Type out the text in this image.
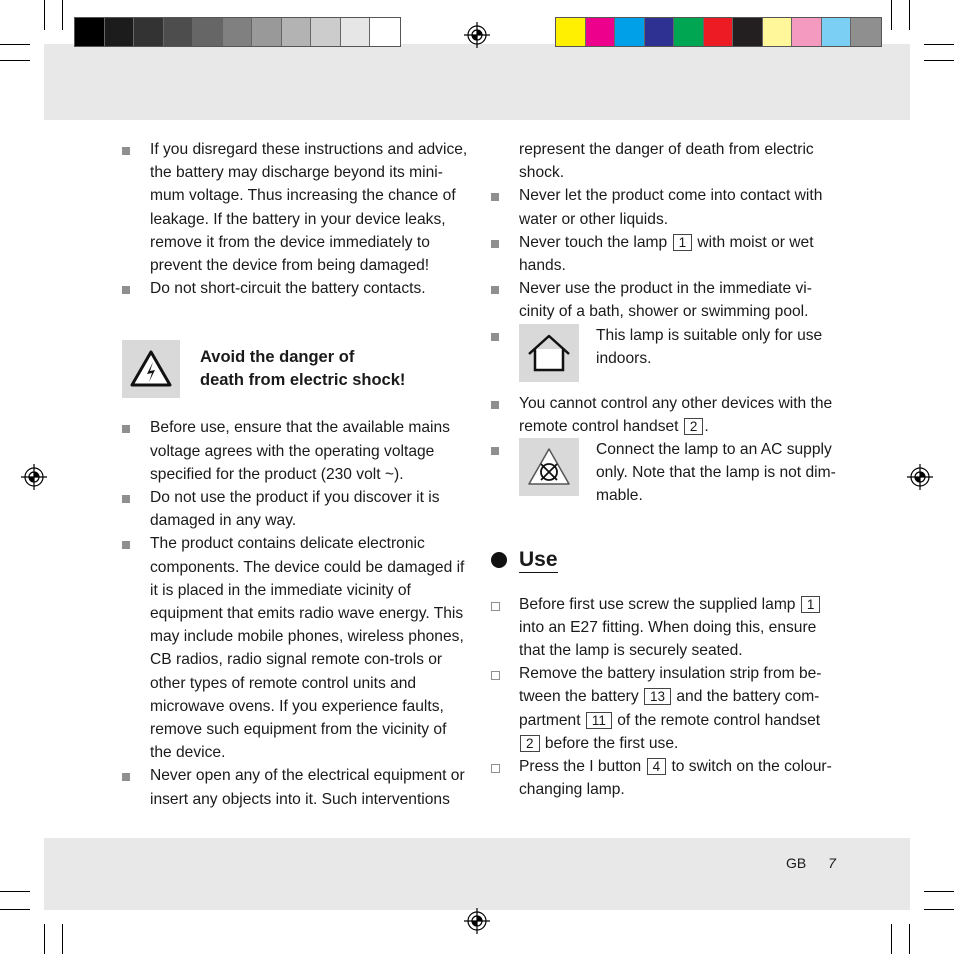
If you disregard these instructions and advice, the battery may discharge beyond its mini-mum voltage. Thus increasing the chance of leakage. If the battery in your device leaks, remove it from the device immediately to prevent the device from being damaged!
Do not short-circuit the battery contacts.
Avoid the danger of
death from electric shock!
Before use, ensure that the available mains voltage agrees with the operating voltage specified for the product (230 volt ~).
Do not use the product if you discover it is damaged in any way.
The product contains delicate electronic components. The device could be damaged if it is placed in the immediate vicinity of equipment that emits radio wave energy. This may include mobile phones, wireless phones, CB radios, radio signal remote con-trols or other types of remote control units and microwave ovens. If you experience faults, remove such equipment from the vicinity of the device.
Never open any of the electrical equipment or insert any objects into it. Such interventions
represent the danger of death from electric shock.
Never let the product come into contact with water or other liquids.
Never touch the lamp 1 with moist or wet hands.
Never use the product in the immediate vi-cinity of a bath, shower or swimming pool.
This lamp is suitable only for use indoors.
You cannot control any other devices with the remote control handset 2 .
Connect the lamp to an AC supply only. Note that the lamp is not dim-mable.
Use
Before first use screw the supplied lamp 1 into an E27 fitting. When doing this, ensure that the lamp is securely seated.
Remove the battery insulation strip from be-tween the battery 13 and the battery com-partment 11 of the remote control handset 2 before the first use.
Press the I button 4 to switch on the colour-changing lamp.
GB 7
